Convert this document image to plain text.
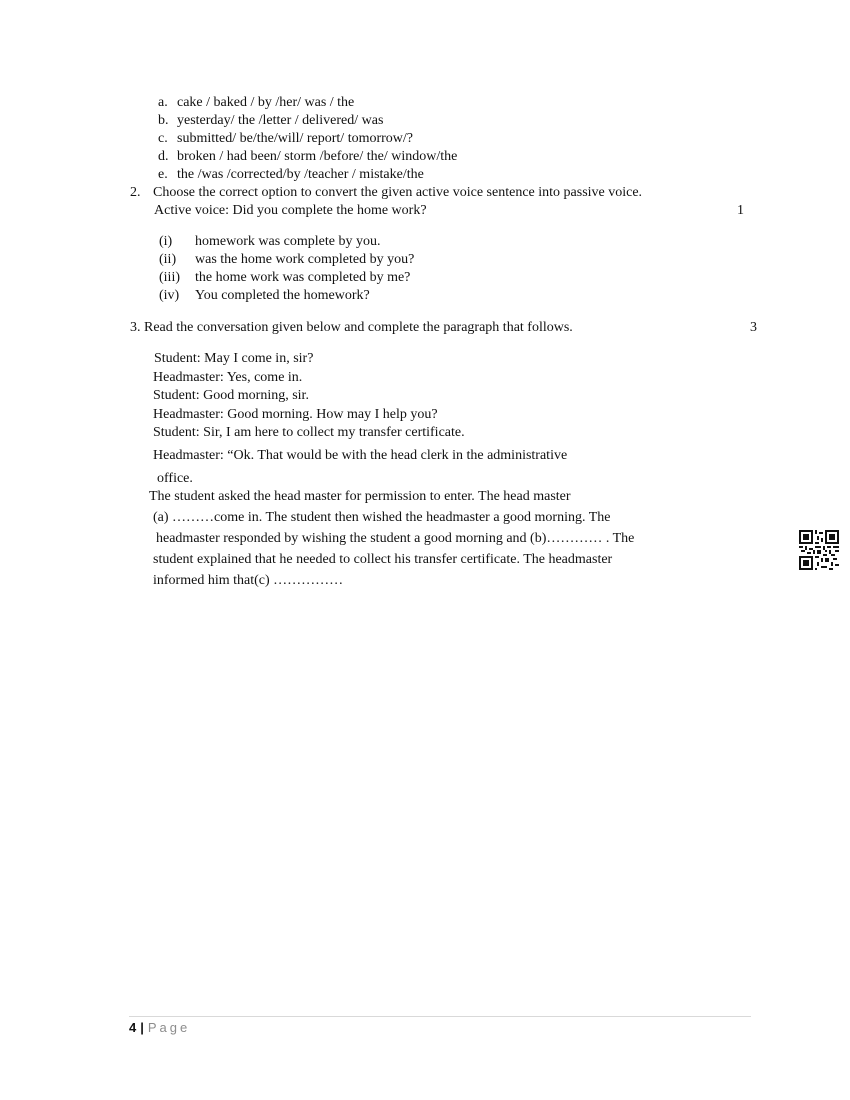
a. cake / baked / by /her/ was / the
b. yesterday/ the /letter / delivered/ was
c. submitted/ be/the/will/ report/ tomorrow/?
d. broken / had been/ storm /before/ the/ window/the
e. the /was /corrected/by /teacher / mistake/the
2. Choose the correct option to convert the given active voice sentence into passive voice.
Active voice: Did you complete the home work?	1
(i) homework was complete by you.
(ii) was the home work completed by you?
(iii) the home work was completed by me?
(iv) You completed the homework?
3. Read the conversation given below and complete the paragraph that follows.	3
Student: May I come in, sir?
Headmaster: Yes, come in.
Student: Good morning, sir.
Headmaster: Good morning. How may I help you?
Student: Sir, I am here to collect my transfer certificate.
Headmaster: “Ok. That would be with the head clerk in the administrative
office.
The student asked the head master for permission to enter. The head master
(a) ………come in. The student then wished the headmaster a good morning. The
headmaster responded by wishing the student a good morning and (b)………… . The
student explained that he needed to collect his transfer certificate. The headmaster
informed him that(c) ……………
4 | Page
